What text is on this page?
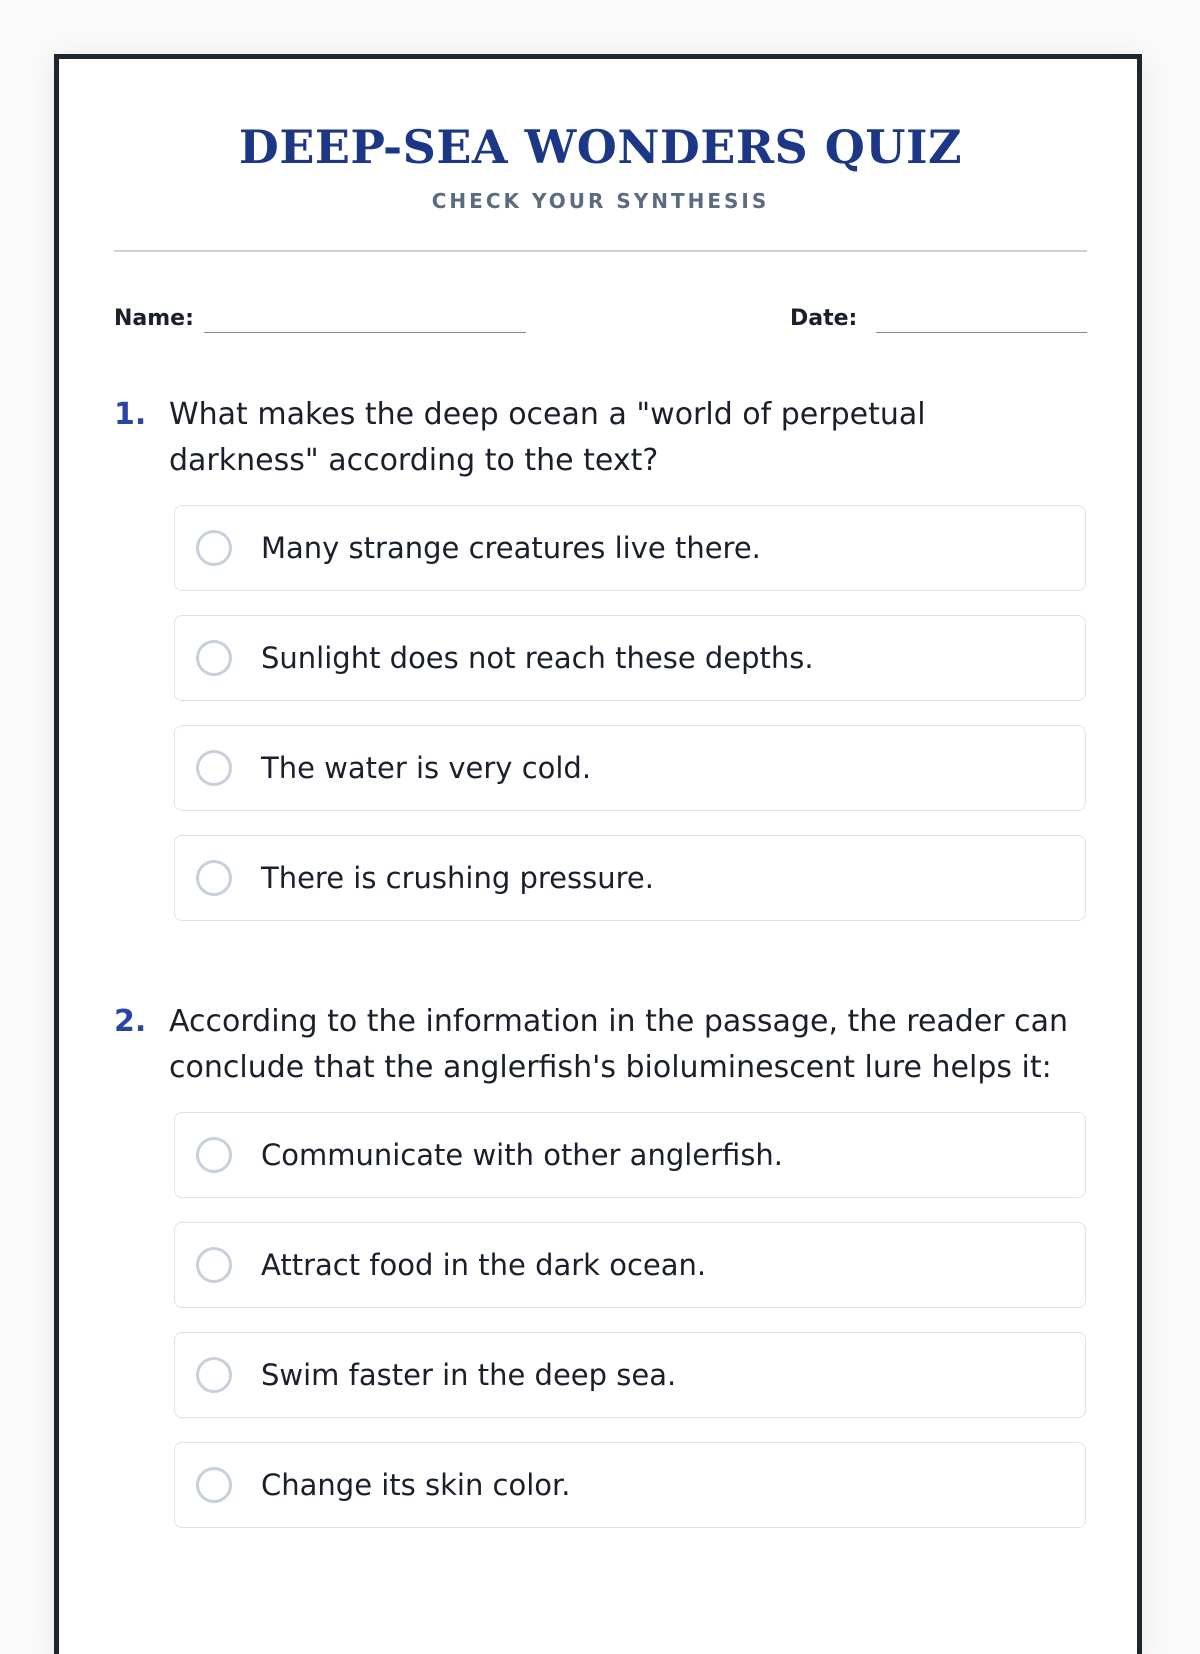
DEEP-SEA WONDERS QUIZ
CHECK YOUR SYNTHESIS
Name:	Date:
1. What makes the deep ocean a "world of perpetual darkness" according to the text?
Many strange creatures live there.
Sunlight does not reach these depths.
The water is very cold.
There is crushing pressure.
2. According to the information in the passage, the reader can conclude that the anglerfish's bioluminescent lure helps it:
Communicate with other anglerfish.
Attract food in the dark ocean.
Swim faster in the deep sea.
Change its skin color.
